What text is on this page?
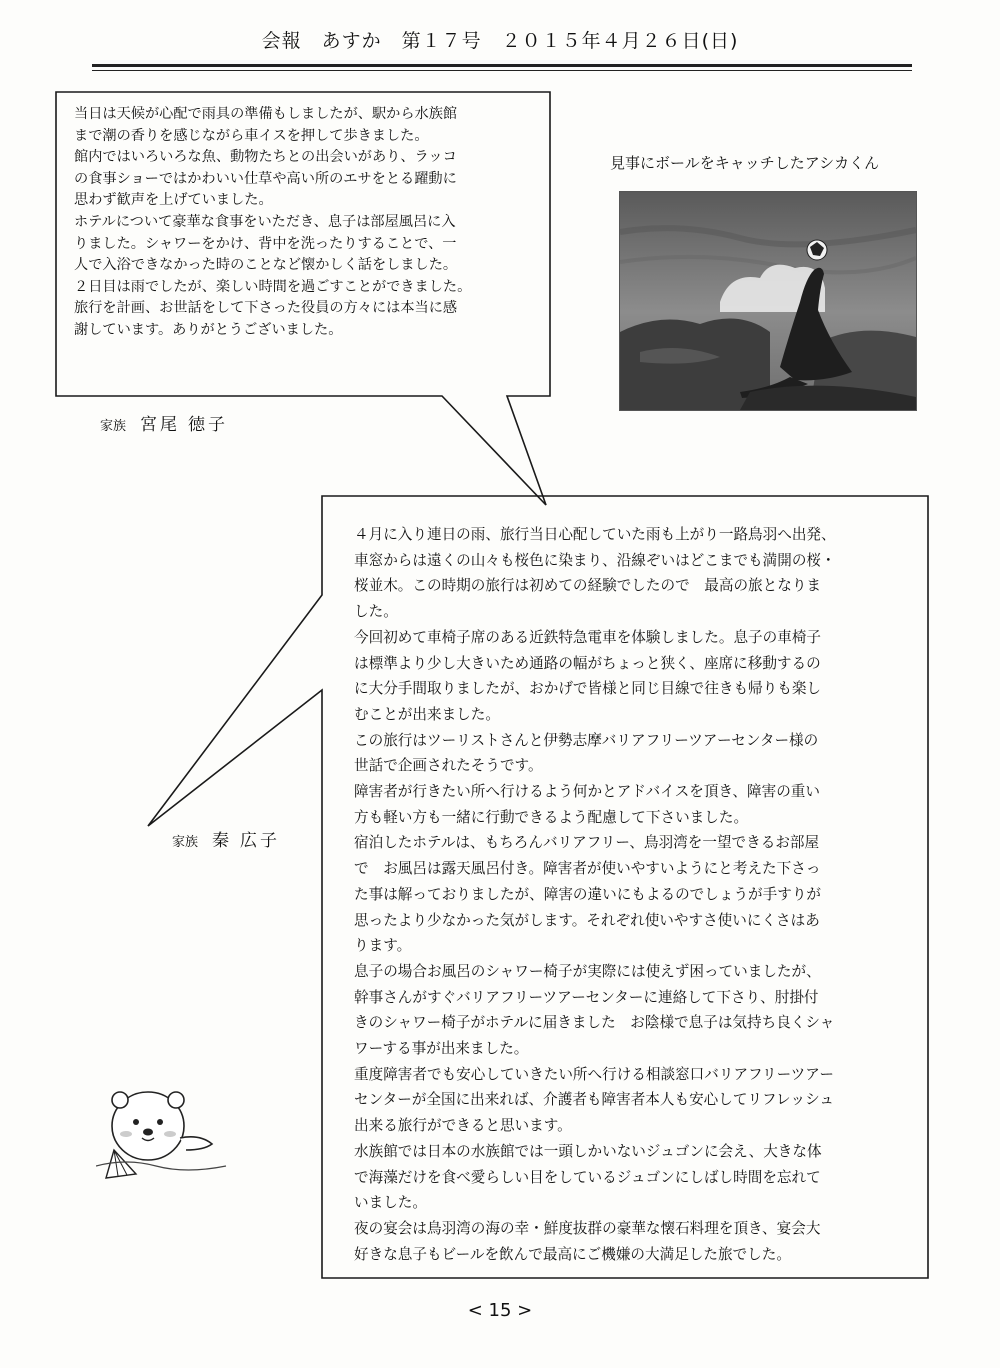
会報　あすか　第１７号　２０１５年４月２６日(日)

当日は天候が心配で雨具の準備もしましたが、駅から水族館

まで潮の香りを感じながら車イスを押して歩きました。

館内ではいろいろな魚、動物たちとの出会いがあり、ラッコ

の食事ショーではかわいい仕草や高い所のエサをとる躍動に

思わず歓声を上げていました。

ホテルについて豪華な食事をいただき、息子は部屋風呂に入

りました。シャワーをかけ、背中を洗ったりすることで、一

人で入浴できなかった時のことなど懐かしく話をしました。

２日目は雨でしたが、楽しい時間を過ごすことができました。

旅行を計画、お世話をして下さった役員の方々には本当に感

謝しています。ありがとうございました。

家族 宮尾 徳子
見事にボールをキャッチしたアシカくん

４月に入り連日の雨、旅行当日心配していた雨も上がり一路鳥羽へ出発、

車窓からは遠くの山々も桜色に染まり、沿線ぞいはどこまでも満開の桜・

桜並木。この時期の旅行は初めての経験でしたので　最高の旅となりま

した。

今回初めて車椅子席のある近鉄特急電車を体験しました。息子の車椅子

は標準より少し大きいため通路の幅がちょっと狭く、座席に移動するの

に大分手間取りましたが、おかげで皆様と同じ目線で往きも帰りも楽し

むことが出来ました。

この旅行はツーリストさんと伊勢志摩バリアフリーツアーセンター様の

世話で企画されたそうです。

障害者が行きたい所へ行けるよう何かとアドバイスを頂き、障害の重い

方も軽い方も一緒に行動できるよう配慮して下さいました。

宿泊したホテルは、もちろんバリアフリー、鳥羽湾を一望できるお部屋

で　お風呂は露天風呂付き。障害者が使いやすいようにと考えた下さっ

た事は解っておりましたが、障害の違いにもよるのでしょうが手すりが

思ったより少なかった気がします。それぞれ使いやすさ使いにくさはあ

ります。

息子の場合お風呂のシャワー椅子が実際には使えず困っていましたが、

幹事さんがすぐバリアフリーツアーセンターに連絡して下さり、肘掛付

きのシャワー椅子がホテルに届きました　お陰様で息子は気持ち良くシャ

ワーする事が出来ました。

重度障害者でも安心していきたい所へ行ける相談窓口バリアフリーツアー

センターが全国に出来れば、介護者も障害者本人も安心してリフレッシュ

出来る旅行ができると思います。

水族館では日本の水族館では一頭しかいないジュゴンに会え、大きな体

で海藻だけを食べ愛らしい目をしているジュゴンにしばし時間を忘れて

いました。

夜の宴会は鳥羽湾の海の幸・鮮度抜群の豪華な懐石料理を頂き、宴会大

好きな息子もビールを飲んで最高にご機嫌の大満足した旅でした。

家族 秦 広子
< 15 >
